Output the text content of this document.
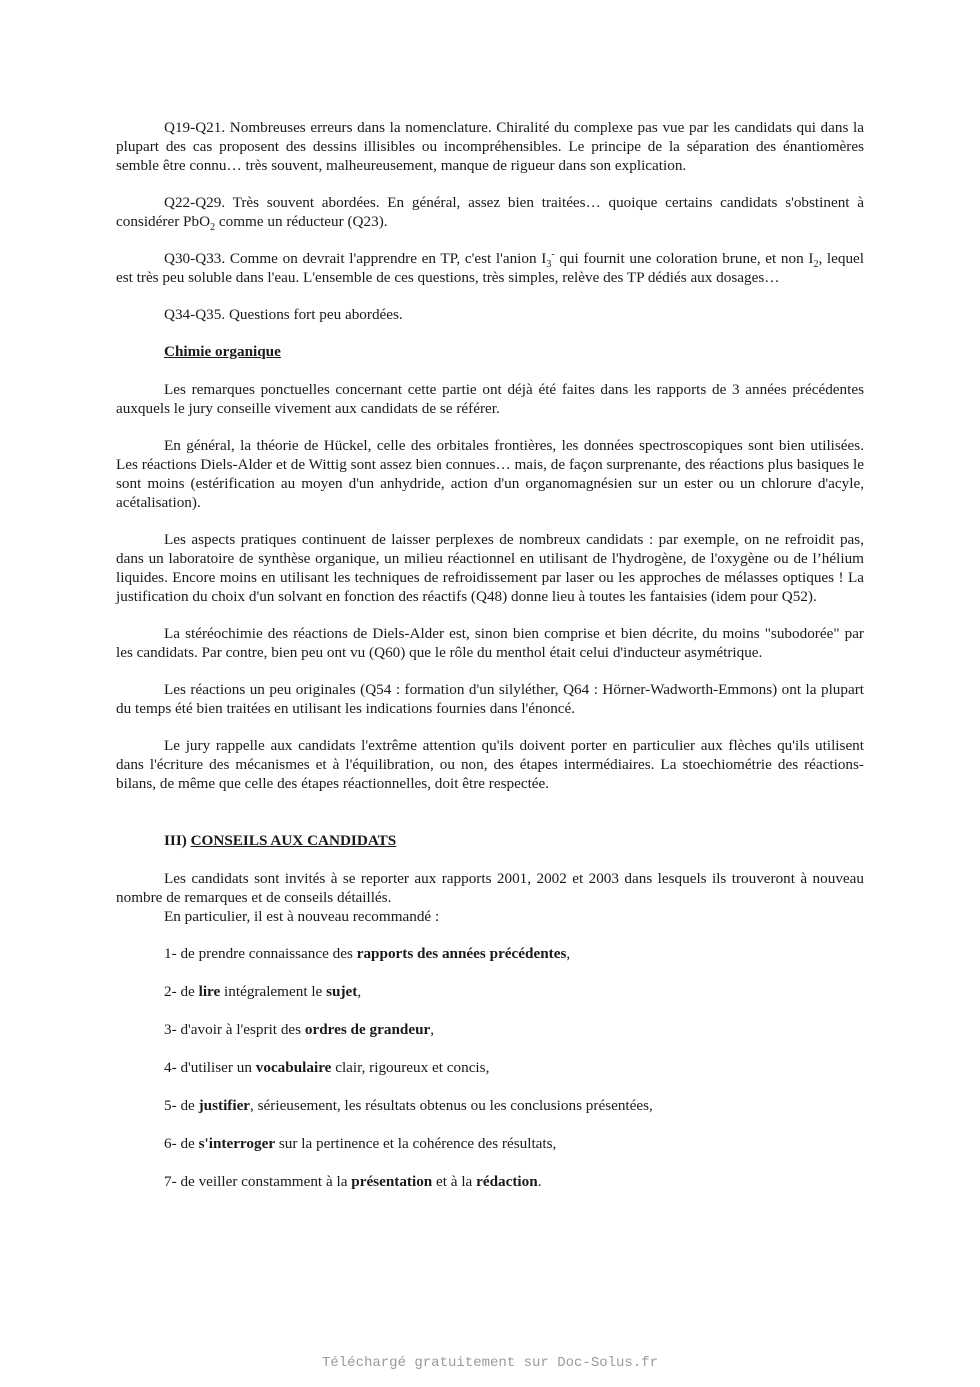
Q19-Q21. Nombreuses erreurs dans la nomenclature. Chiralité du complexe pas vue par les candidats qui dans la plupart des cas proposent des dessins illisibles ou incompréhensibles. Le principe de la séparation des énantiomères semble être connu… très souvent, malheureusement, manque de rigueur dans son explication.

Q22-Q29. Très souvent abordées. En général, assez bien traitées… quoique certains candidats s'obstinent à considérer PbO$_2$ comme un réducteur (Q23).

Q30-Q33. Comme on devrait l'apprendre en TP, c'est l'anion $I_3^-$ qui fournit une coloration brune, et non $I_2$, lequel est très peu soluble dans l'eau. L'ensemble de ces questions, très simples, relève des TP dédiés aux dosages…

Q34-Q35. Questions fort peu abordées.

Chimie organique

Les remarques ponctuelles concernant cette partie ont déjà été faites dans les rapports de 3 années précédentes auxquels le jury conseille vivement aux candidats de se référer.

En général, la théorie de Hückel, celle des orbitales frontières, les données spectroscopiques sont bien utilisées. Les réactions Diels-Alder et de Wittig sont assez bien connues… mais, de façon surprenante, des réactions plus basiques le sont moins (estérification au moyen d'un anhydride, action d'un organomagnésien sur un ester ou un chlorure d'acyle, acétalisation).

Les aspects pratiques continuent de laisser perplexes de nombreux candidats : par exemple, on ne refroidit pas, dans un laboratoire de synthèse organique, un milieu réactionnel en utilisant de l'hydrogène, de l'oxygène ou de l’hélium liquides. Encore moins en utilisant les techniques de refroidissement par laser ou les approches de mélasses optiques ! La justification du choix d'un solvant en fonction des réactifs (Q48) donne lieu à toutes les fantaisies (idem pour Q52).

La stéréochimie des réactions de Diels-Alder est, sinon bien comprise et bien décrite, du moins "subodorée" par les candidats. Par contre, bien peu ont vu (Q60) que le rôle du menthol était celui d'inducteur asymétrique.

Les réactions un peu originales (Q54 : formation d'un silyléther, Q64 : Hörner-Wadworth-Emmons) ont la plupart du temps été bien traitées en utilisant les indications fournies dans l'énoncé.

Le jury rappelle aux candidats l'extrême attention qu'ils doivent porter en particulier aux flèches qu'ils utilisent dans l'écriture des mécanismes et à l'équilibration, ou non, des étapes intermédiaires. La stoechiométrie des réactions-bilans, de même que celle des étapes réactionnelles, doit être respectée.

III) CONSEILS AUX CANDIDATS

Les candidats sont invités à se reporter aux rapports 2001, 2002 et 2003 dans lesquels ils trouveront à nouveau nombre de remarques et de conseils détaillés.

En particulier, il est à nouveau recommandé :

1- de prendre connaissance des rapports des années précédentes,

2- de lire intégralement le sujet,

3- d'avoir à l'esprit des ordres de grandeur,

4- d'utiliser un vocabulaire clair, rigoureux et concis,

5- de justifier, sérieusement, les résultats obtenus ou les conclusions présentées,

6- de s'interroger sur la pertinence et la cohérence des résultats,

7- de veiller constamment à la présentation et à la rédaction.

Téléchargé gratuitement sur Doc-Solus.fr
